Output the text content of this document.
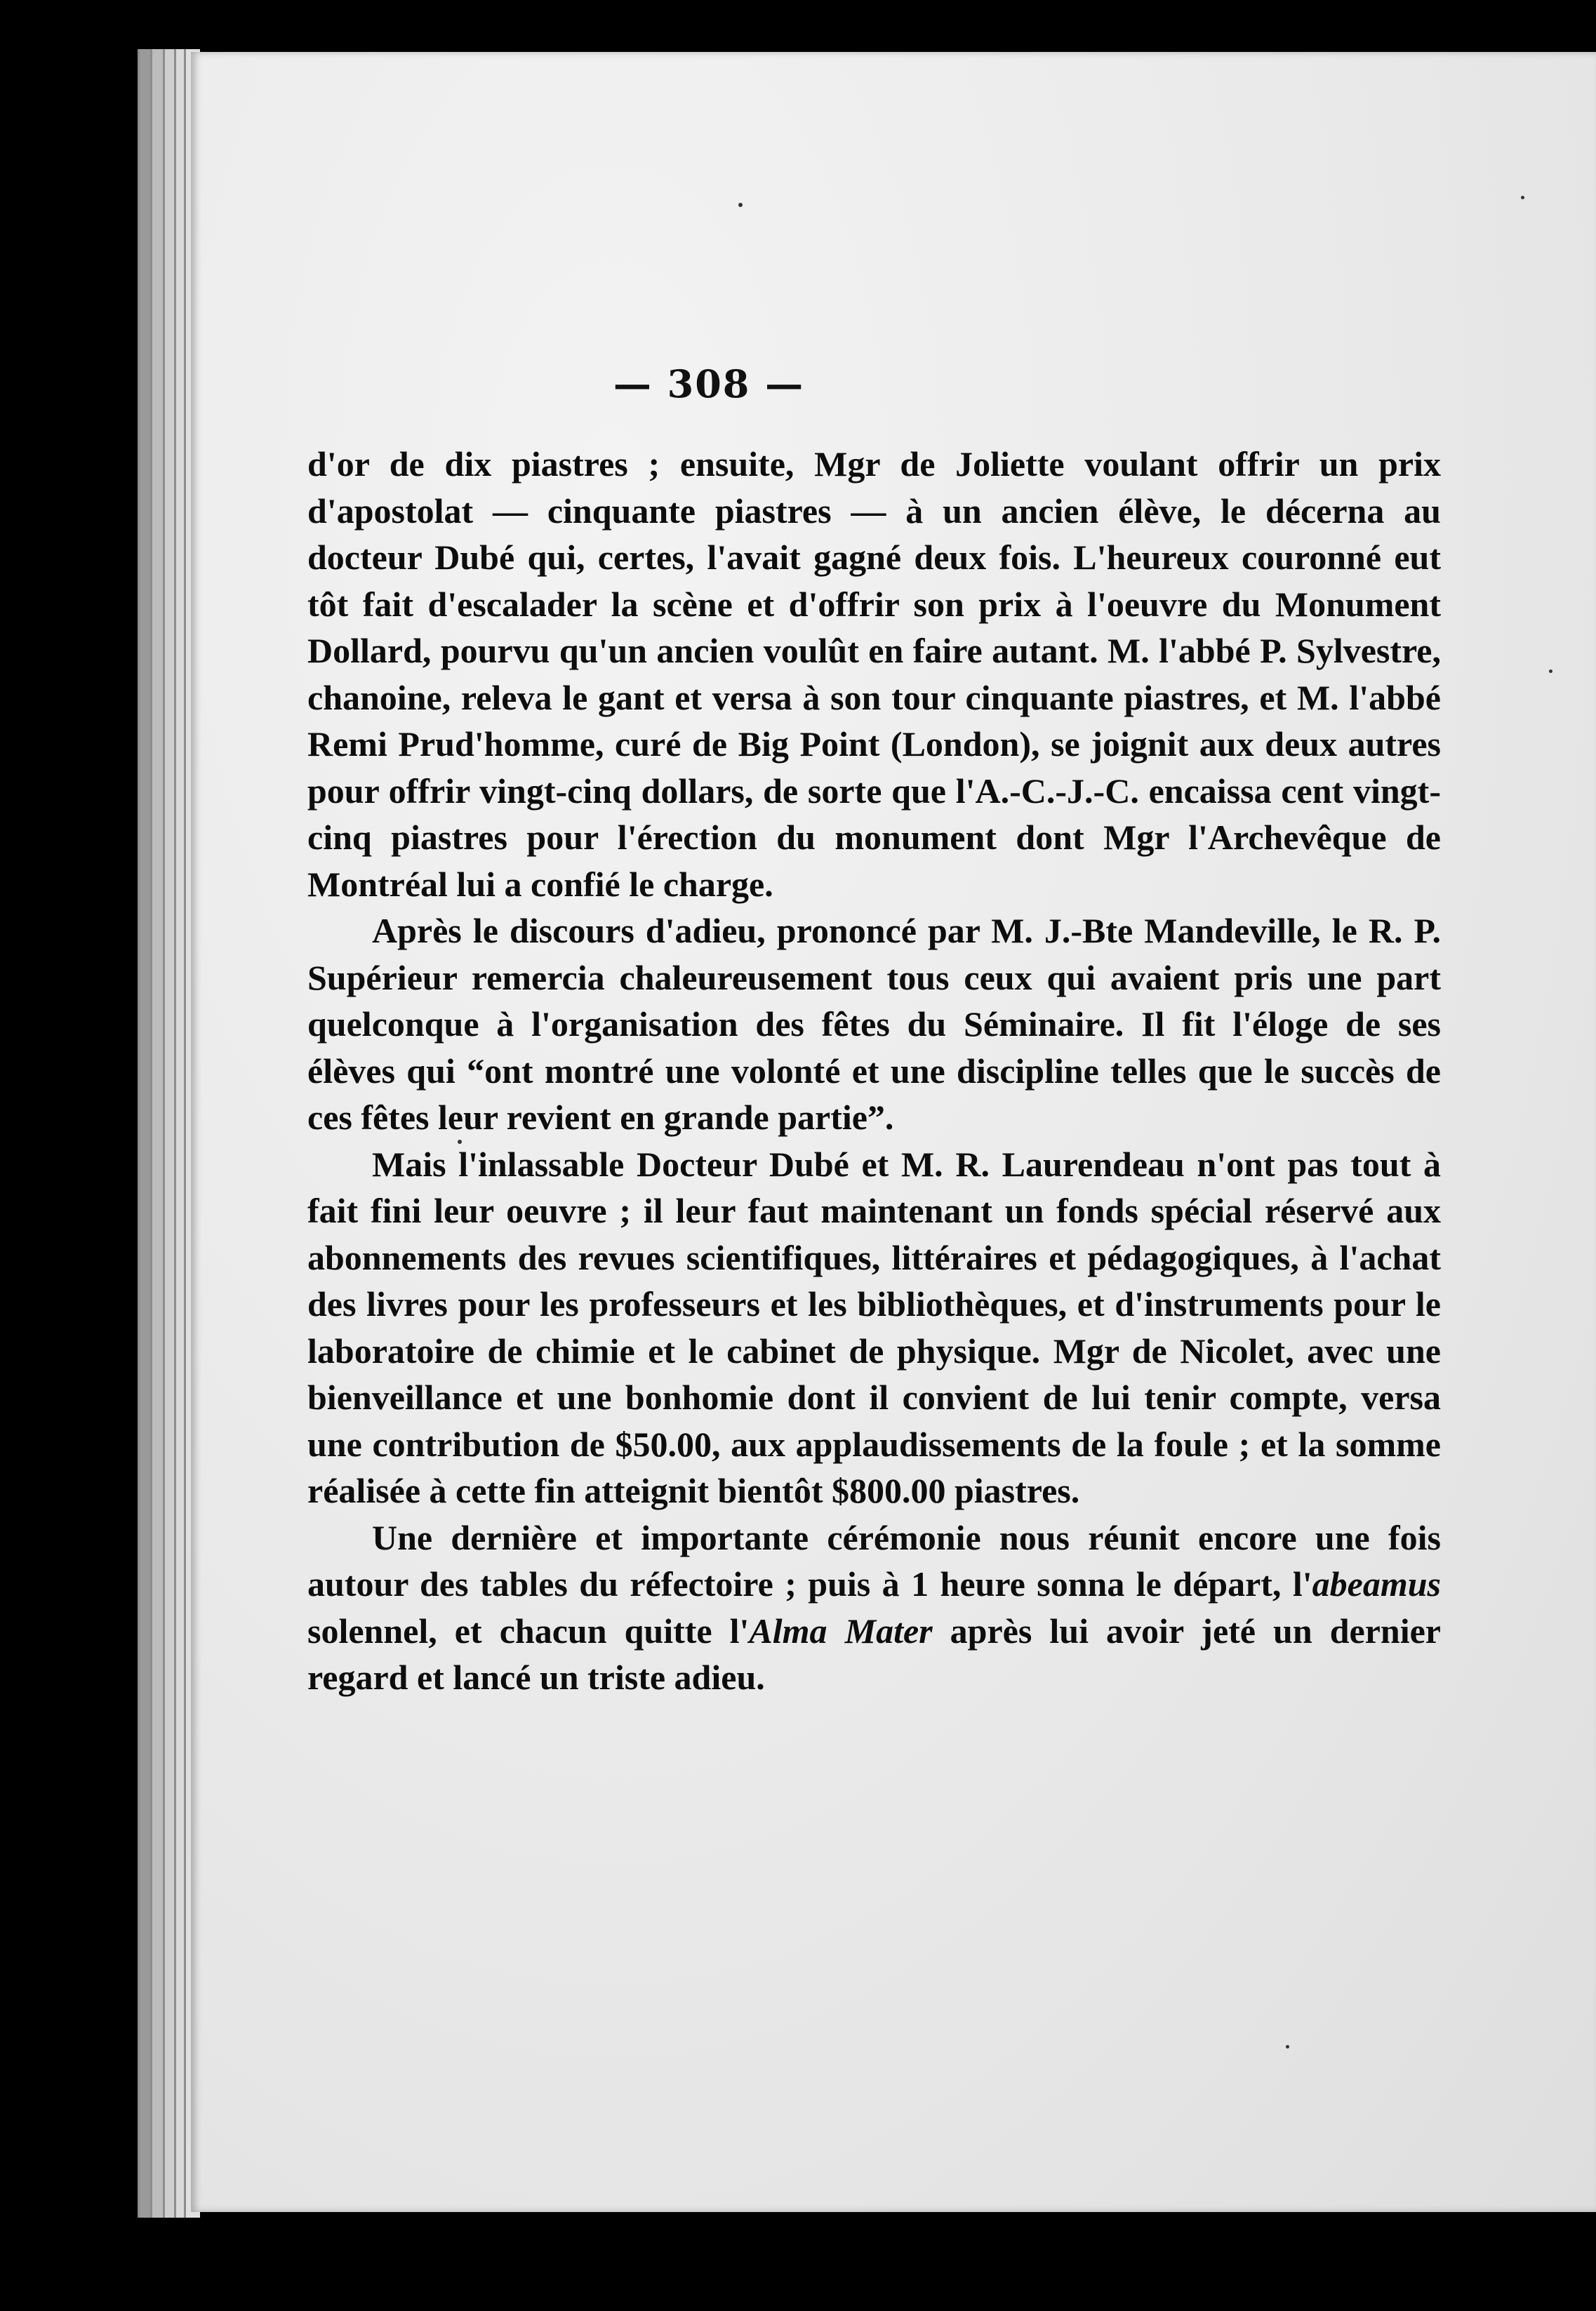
— 308 —

d'or de dix piastres ; ensuite, Mgr de Joliette voulant offrir un prix d'apostolat — cinquante piastres — à un ancien élève, le décerna au docteur Dubé qui, certes, l'avait gagné deux fois. L'heureux couronné eut tôt fait d'escalader la scène et d'offrir son prix à l'oeuvre du Monument Dollard, pourvu qu'un ancien voulût en faire autant. M. l'abbé P. Sylvestre, chanoine, releva le gant et versa à son tour cinquante piastres, et M. l'abbé Remi Prud'homme, curé de Big Point (London), se joignit aux deux autres pour offrir vingt-cinq dollars, de sorte que l'A.-C.-J.-C. encaissa cent vingt-cinq piastres pour l'érection du monument dont Mgr l'Archevêque de Montréal lui a confié le charge.

Après le discours d'adieu, prononcé par M. J.-Bte Mandeville, le R. P. Supérieur remercia chaleureusement tous ceux qui avaient pris une part quelconque à l'organisation des fêtes du Séminaire. Il fit l'éloge de ses élèves qui “ont montré une volonté et une discipline telles que le succès de ces fêtes leur revient en grande partie”.

Mais l'inlassable Docteur Dubé et M. R. Laurendeau n'ont pas tout à fait fini leur oeuvre ; il leur faut maintenant un fonds spécial réservé aux abonnements des revues scientifiques, littéraires et pédagogiques, à l'achat des livres pour les professeurs et les bibliothèques, et d'instruments pour le laboratoire de chimie et le cabinet de physique. Mgr de Nicolet, avec une bienveillance et une bonhomie dont il convient de lui tenir compte, versa une contribution de $50.00, aux applaudissements de la foule ; et la somme réalisée à cette fin atteignit bientôt $800.00 piastres.

Une dernière et importante cérémonie nous réunit encore une fois autour des tables du réfectoire ; puis à 1 heure sonna le départ, l'abeamus solennel, et chacun quitte l'Alma Mater après lui avoir jeté un dernier regard et lancé un triste adieu.
